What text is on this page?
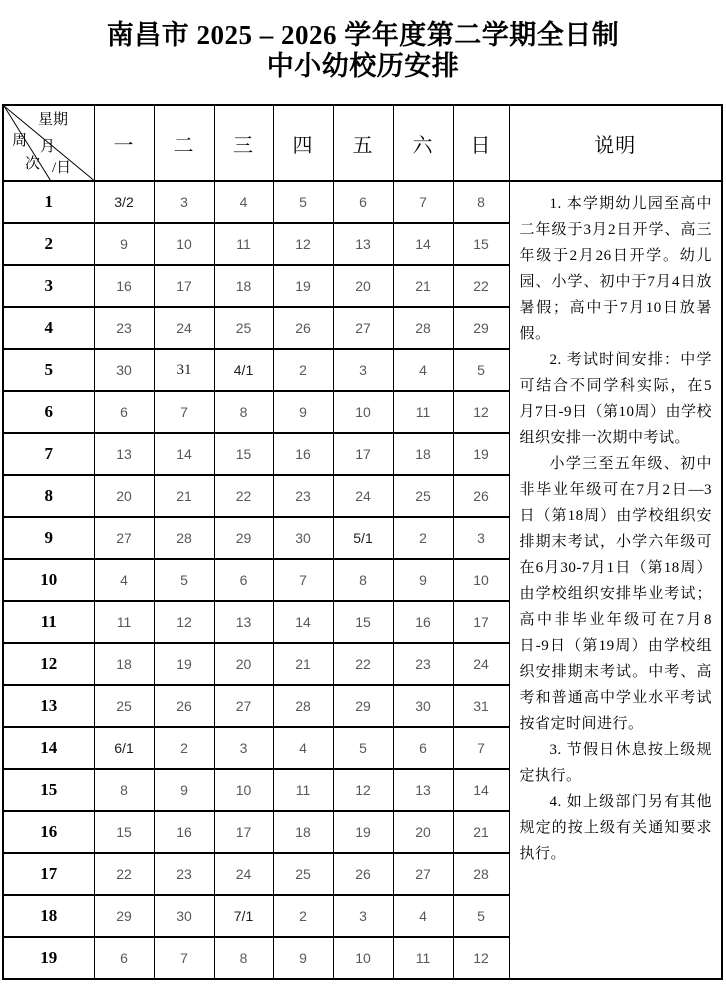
南昌市 2025 – 2026 学年度第二学期全日制
中小幼校历安排
星期
月
/日
周
次	一	二	三	四	五	六	日	说明
1	3/2	3	4	5	6	7	8	1. 本学期幼儿园至高中二年级于3月2日开学、高三年级于2月26日开学。幼儿园、小学、初中于7月4日放暑假；高中于7月10日放暑假。

2. 考试时间安排：中学可结合不同学科实际，在5月7日-9日（第10周）由学校组织安排一次期中考试。

小学三至五年级、初中非毕业年级可在7月2日—3日（第18周）由学校组织安排期末考试，小学六年级可在6月30-7月1日（第18周）由学校组织安排毕业考试；高中非毕业年级可在7月8日-9日（第19周）由学校组织安排期末考试。中考、高考和普通高中学业水平考试按省定时间进行。

3. 节假日休息按上级规定执行。

4. 如上级部门另有其他规定的按上级有关通知要求执行。

2	9	10	11	12	13	14	15	
3	16	17	18	19	20	21	22	
4	23	24	25	26	27	28	29	
5	30	31	4/1	2	3	4	5	
6	6	7	8	9	10	11	12	
7	13	14	15	16	17	18	19	
8	20	21	22	23	24	25	26	
9	27	28	29	30	5/1	2	3	
10	4	5	6	7	8	9	10	
11	11	12	13	14	15	16	17	
12	18	19	20	21	22	23	24	
13	25	26	27	28	29	30	31	
14	6/1	2	3	4	5	6	7	
15	8	9	10	11	12	13	14	
16	15	16	17	18	19	20	21	
17	22	23	24	25	26	27	28	
18	29	30	7/1	2	3	4	5	
19	6	7	8	9	10	11	12	
